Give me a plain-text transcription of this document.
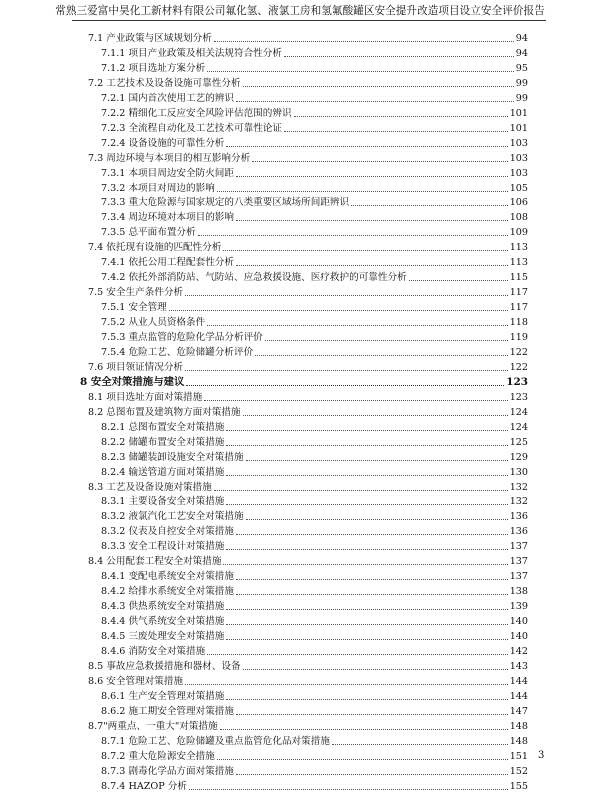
常熟三爱富中昊化工新材料有限公司氟化氢、液氯工房和氢氟酸罐区安全提升改造项目设立安全评价报告
7.1 产业政策与区域规划分析	94
7.1.1 项目产业政策及相关法规符合性分析	94
7.1.2 项目选址方案分析	95
7.2 工艺技术及设备设施可靠性分析	99
7.2.1 国内首次使用工艺的辨识	99
7.2.2 精细化工反应安全风险评估范围的辨识	101
7.2.3 全流程自动化及工艺技术可靠性论证	101
7.2.4 设备设施的可靠性分析	103
7.3 周边环境与本项目的相互影响分析	103
7.3.1 本项目周边安全防火间距	103
7.3.2 本项目对周边的影响	105
7.3.3 重大危险源与国家规定的八类重要区域场所间距辨识	106
7.3.4 周边环境对本项目的影响	108
7.3.5 总平面布置分析	109
7.4 依托现有设施的匹配性分析	113
7.4.1 依托公用工程配套性分析	113
7.4.2 依托外部消防站、气防站、应急救援设施、医疗救护的可靠性分析	115
7.5 安全生产条件分析	117
7.5.1 安全管理	117
7.5.2 从业人员资格条件	118
7.5.3 重点监管的危险化学品分析评价	119
7.5.4 危险工艺、危险储罐分析评价	122
7.6 项目领证情况分析	122
8 安全对策措施与建议	123
8.1 项目选址方面对策措施	123
8.2 总图布置及建筑物方面对策措施	124
8.2.1 总图布置安全对策措施	124
8.2.2 储罐布置安全对策措施	125
8.2.3 储罐装卸设施安全对策措施	129
8.2.4 输送管道方面对策措施	130
8.3 工艺及设备设施对策措施	132
8.3.1 主要设备安全对策措施	132
8.3.2 液氯汽化工艺安全对策措施	136
8.3.2 仪表及自控安全对策措施	136
8.3.3 安全工程设计对策措施	137
8.4 公用配套工程安全对策措施	137
8.4.1 变配电系统安全对策措施	137
8.4.2 给排水系统安全对策措施	138
8.4.3 供热系统安全对策措施	139
8.4.4 供气系统安全对策措施	140
8.4.5 三废处理安全对策措施	140
8.4.6 消防安全对策措施	142
8.5 事故应急救援措施和器材、设备	143
8.6 安全管理对策措施	144
8.6.1 生产安全管理对策措施	144
8.6.2 施工期安全管理对策措施	147
8.7"两重点、一重大"对策措施	148
8.7.1 危险工艺、危险储罐及重点监管危化品对策措施	148
8.7.2 重大危险源安全措施	151
8.7.3 剧毒化学品方面对策措施	152
8.7.4 HAZOP 分析	155
3
